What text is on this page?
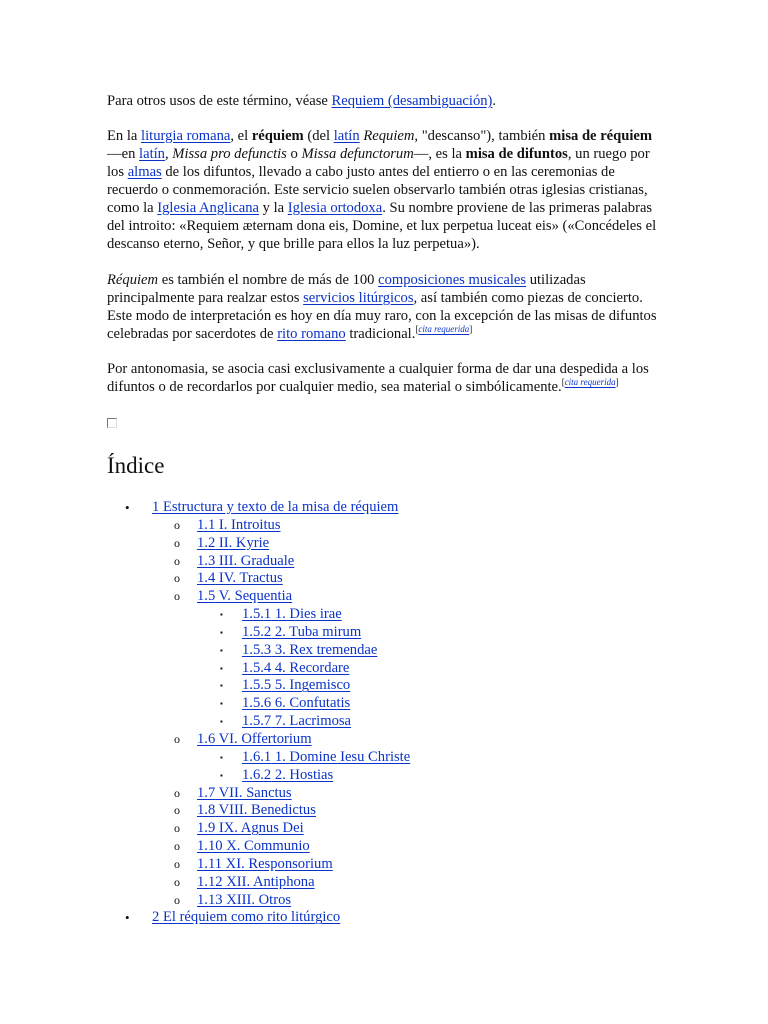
Para otros usos de este término, véase Requiem (desambiguación).

En la liturgia romana, el réquiem (del latín Requiem, "descanso"), también misa de réquiem —en latín, Missa pro defunctis o Missa defunctorum—, es la misa de difuntos, un ruego por los almas de los difuntos, llevado a cabo justo antes del entierro o en las ceremonias de recuerdo o conmemoración. Este servicio suelen observarlo también otras iglesias cristianas, como la Iglesia Anglicana y la Iglesia ortodoxa. Su nombre proviene de las primeras palabras del introito: «Requiem æternam dona eis, Domine, et lux perpetua luceat eis» («Concédeles el descanso eterno, Señor, y que brille para ellos la luz perpetua»).

Réquiem es también el nombre de más de 100 composiciones musicales utilizadas principalmente para realzar estos servicios litúrgicos, así también como piezas de concierto. Este modo de interpretación es hoy en día muy raro, con la excepción de las misas de difuntos celebradas por sacerdotes de rito romano tradicional.[cita requerida]

Por antonomasia, se asocia casi exclusivamente a cualquier forma de dar una despedida a los difuntos o de recordarlos por cualquier medio, sea material o simbólicamente.[cita requerida]

Índice
• 1 Estructura y texto de la misa de réquiem
o 1.1 I. Introitus
o 1.2 II. Kyrie
o 1.3 III. Graduale
o 1.4 IV. Tractus
o 1.5 V. Sequentia
▪ 1.5.1 1. Dies irae
▪ 1.5.2 2. Tuba mirum
▪ 1.5.3 3. Rex tremendae
▪ 1.5.4 4. Recordare
▪ 1.5.5 5. Ingemisco
▪ 1.5.6 6. Confutatis
▪ 1.5.7 7. Lacrimosa
o 1.6 VI. Offertorium
▪ 1.6.1 1. Domine Iesu Christe
▪ 1.6.2 2. Hostias
o 1.7 VII. Sanctus
o 1.8 VIII. Benedictus
o 1.9 IX. Agnus Dei
o 1.10 X. Communio
o 1.11 XI. Responsorium
o 1.12 XII. Antiphona
o 1.13 XIII. Otros
• 2 El réquiem como rito litúrgico
